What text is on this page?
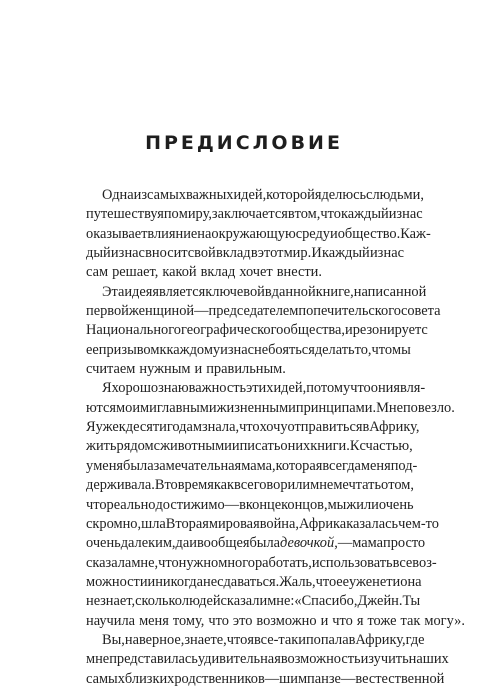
ПРЕДИСЛОВИЕ
Одна из самых важных идей, которой я делюсь с людьми,
путешествуя по миру, заключается в том, что каждый из нас
оказывает влияние на окружающую среду и общество. Каж-
дый из нас вносит свой вклад в этот мир. И каждый из нас
сам решает, какой вклад хочет внести.
Эта идея является ключевой в данной книге, написанной
первой женщиной — председателем попечительского совета
Национального географического общества, и резонирует с
ее призывом к каждому из нас не бояться делать то, что мы
считаем нужным и правильным.
Я хорошо знаю важность этих идей, потому что они явля-
ются моими главными жизненными принципами. Мне повезло.
Я уже к десяти годам знала, что хочу отправиться в Африку,
жить рядом с животными и писать о них книги. К счастью,
у меня была замечательная мама, которая всегда меня под-
держивала. В то время как все говорили мне мечтать о том,
что реально достижимо — в конце концов, мы жили очень
скромно, шла Вторая мировая война, Африка казалась чем-то
очень далеким, да и вообще я была девочкой, — мама просто
сказала мне, что нужно много работать, использовать все воз-
можности и никогда не сдаваться. Жаль, что ее уже нет и она
не знает, сколько людей сказали мне: «Спасибо, Джейн. Ты
научила меня тому, что это возможно и что я тоже так могу».
Вы, наверное, знаете, что я все-таки попала в Африку, где
мне представилась удивительная возможность изучить наших
самых близких родственников — шимпанзе — в естественной
